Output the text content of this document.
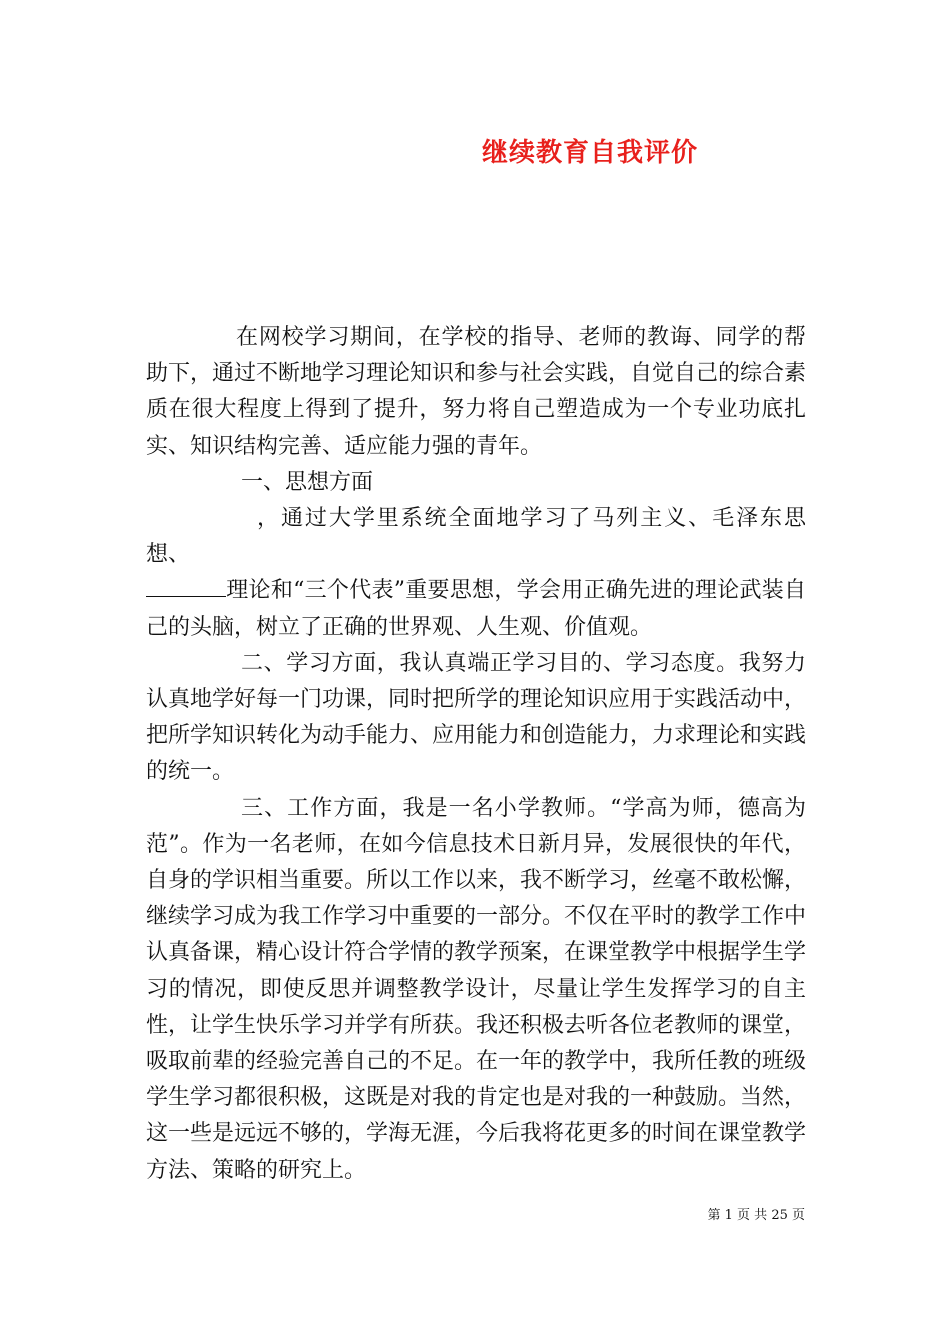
继续教育自我评价

在网校学习期间，在学校的指导、老师的教诲、同学的帮助下，通过不断地学习理论知识和参与社会实践，自觉自己的综合素质在很大程度上得到了提升，努力将自己塑造成为一个专业功底扎实、知识结构完善、适应能力强的青年。

一、思想方面

，通过大学里系统全面地学习了马列主义、毛泽东思想、

理论和“三个代表”重要思想，学会用正确先进的理论武装自己的头脑，树立了正确的世界观、人生观、价值观。

二、学习方面，我认真端正学习目的、学习态度。我努力认真地学好每一门功课，同时把所学的理论知识应用于实践活动中，把所学知识转化为动手能力、应用能力和创造能力，力求理论和实践的统一。

三、工作方面，我是一名小学教师。“学高为师，德高为范”。作为一名老师，在如今信息技术日新月异，发展很快的年代，自身的学识相当重要。所以工作以来，我不断学习，丝毫不敢松懈，继续学习成为我工作学习中重要的一部分。不仅在平时的教学工作中认真备课，精心设计符合学情的教学预案，在课堂教学中根据学生学习的情况，即使反思并调整教学设计，尽量让学生发挥学习的自主性，让学生快乐学习并学有所获。我还积极去听各位老教师的课堂，吸取前辈的经验完善自己的不足。在一年的教学中，我所任教的班级学生学习都很积极，这既是对我的肯定也是对我的一种鼓励。当然，这一些是远远不够的，学海无涯，今后我将花更多的时间在课堂教学方法、策略的研究上。

第 1 页 共 25 页
